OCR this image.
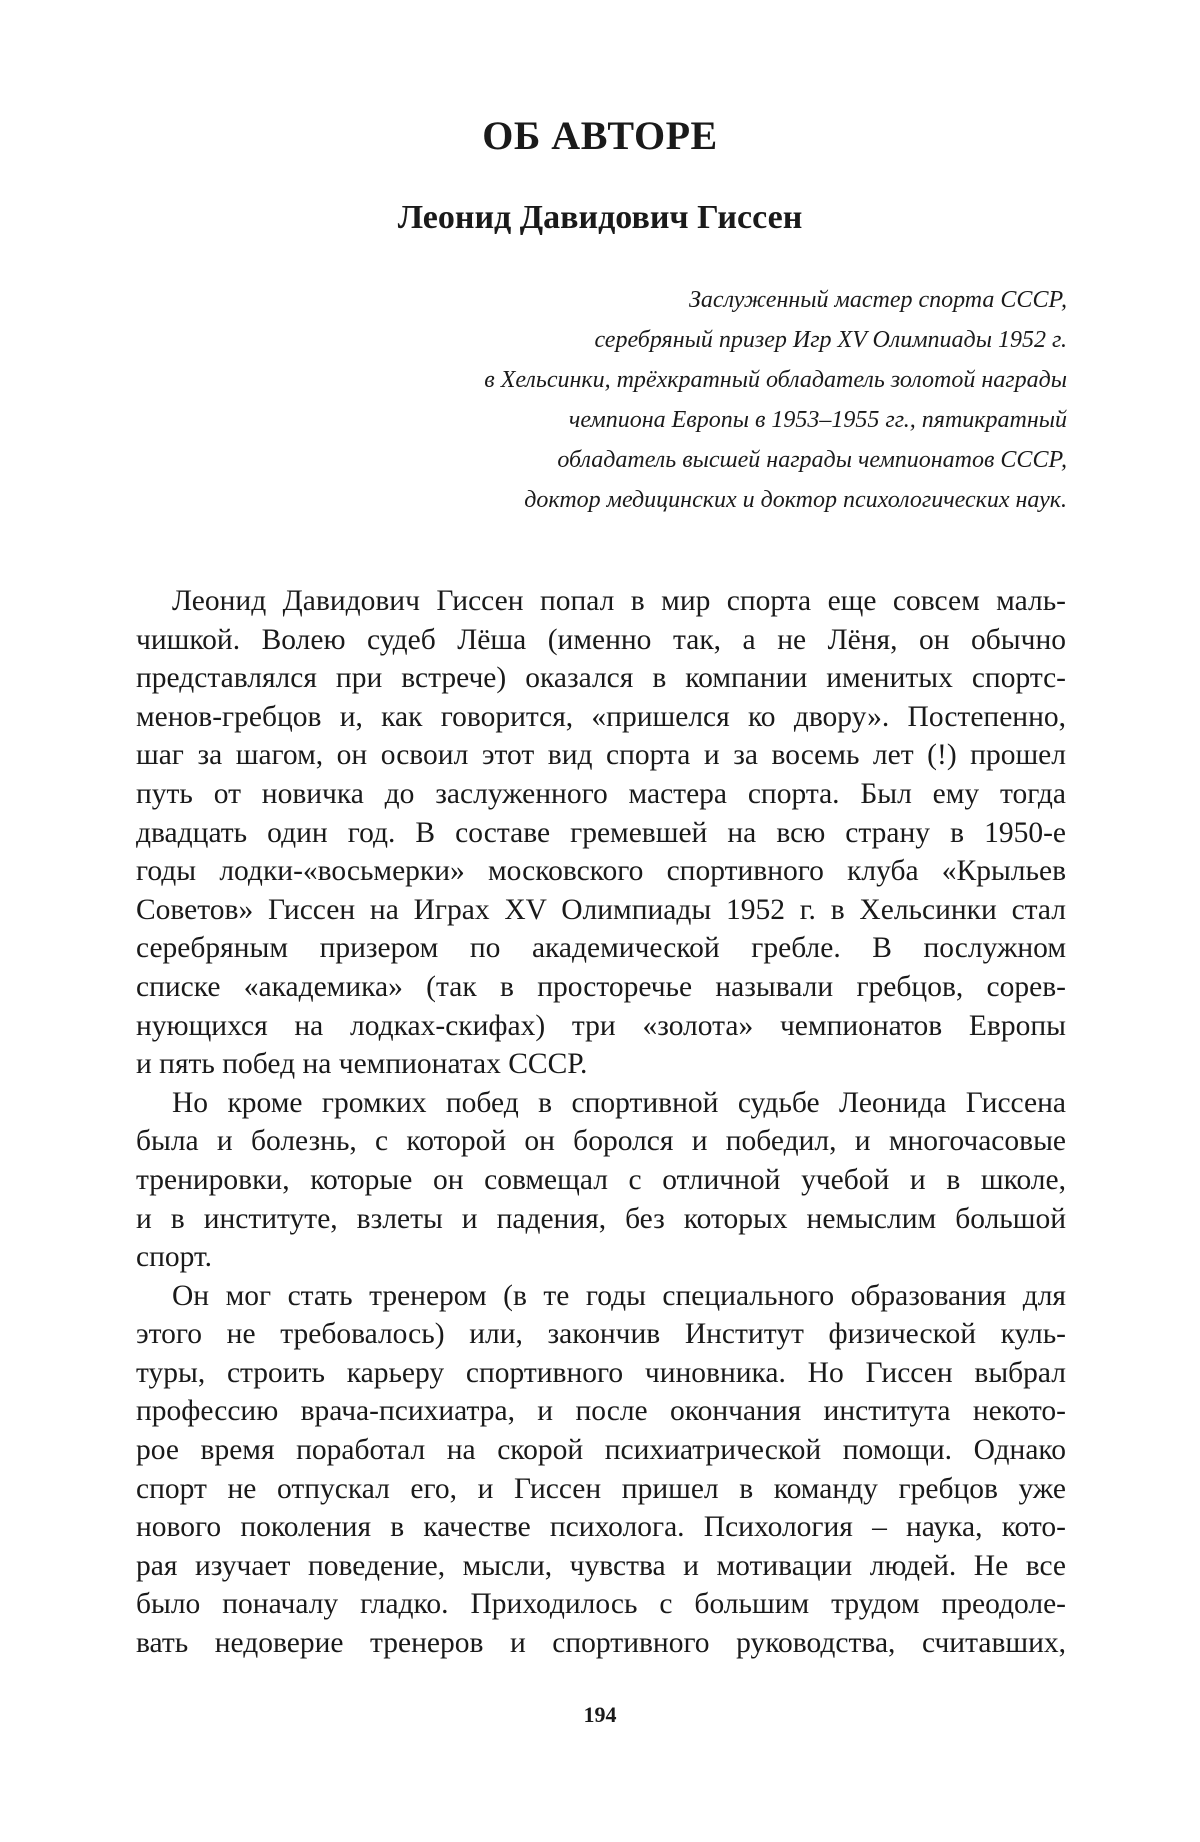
ОБ АВТОРЕ
Леонид Давидович Гиссен
Заслуженный мастер спорта СССР,
серебряный призер Игр XV Олимпиады 1952 г.
в Хельсинки, трёхкратный обладатель золотой награды
чемпиона Европы в 1953–1955 гг., пятикратный
обладатель высшей награды чемпионатов СССР,
доктор медицинских и доктор психологических наук.
Леонид Давидович Гиссен попал в мир спорта еще совсем маль-
чишкой. Волею судеб Лёша (именно так, а не Лёня, он обычно
представлялся при встрече) оказался в компании именитых спортс-
менов-гребцов и, как говорится, «пришелся ко двору». Постепенно,
шаг за шагом, он освоил этот вид спорта и за восемь лет (!) прошел
путь от новичка до заслуженного мастера спорта. Был ему тогда
двадцать один год. В составе гремевшей на всю страну в 1950-е
годы лодки-«восьмерки» московского спортивного клуба «Крыльев
Советов» Гиссен на Играх XV Олимпиады 1952 г. в Хельсинки стал
серебряным призером по академической гребле. В послужном
списке «академика» (так в просторечье называли гребцов, сорев-
нующихся на лодках-скифах) три «золота» чемпионатов Европы
и пять побед на чемпионатах СССР.
Но кроме громких побед в спортивной судьбе Леонида Гиссена
была и болезнь, с которой он боролся и победил, и многочасовые
тренировки, которые он совмещал с отличной учебой и в школе,
и в институте, взлеты и падения, без которых немыслим большой
спорт.
Он мог стать тренером (в те годы специального образования для
этого не требовалось) или, закончив Институт физической куль-
туры, строить карьеру спортивного чиновника. Но Гиссен выбрал
профессию врача-психиатра, и после окончания института некото-
рое время поработал на скорой психиатрической помощи. Однако
спорт не отпускал его, и Гиссен пришел в команду гребцов уже
нового поколения в качестве психолога. Психология – наука, кото-
рая изучает поведение, мысли, чувства и мотивации людей. Не все
было поначалу гладко. Приходилось с большим трудом преодоле-
вать недоверие тренеров и спортивного руководства, считавших,
194
